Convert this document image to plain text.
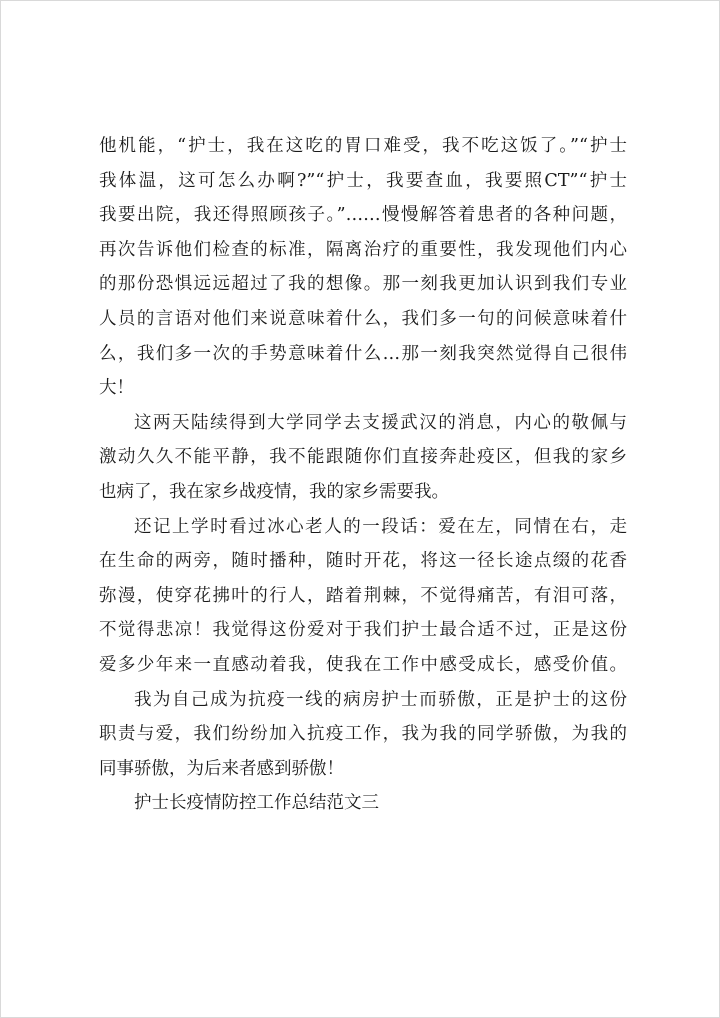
他机能，“护士，我在这吃的胃口难受，我不吃这饭了。”“护士
我体温，这可怎么办啊?”“护士，我要查血，我要照CT”“护士
我要出院，我还得照顾孩子。”……慢慢解答着患者的各种问题，
再次告诉他们检查的标准，隔离治疗的重要性，我发现他们内心
的那份恐惧远远超过了我的想像。那一刻我更加认识到我们专业
人员的言语对他们来说意味着什么，我们多一句的问候意味着什
么，我们多一次的手势意味着什么…那一刻我突然觉得自己很伟
大！
这两天陆续得到大学同学去支援武汉的消息，内心的敬佩与
激动久久不能平静，我不能跟随你们直接奔赴疫区，但我的家乡
也病了，我在家乡战疫情，我的家乡需要我。
还记上学时看过冰心老人的一段话：爱在左，同情在右，走
在生命的两旁，随时播种，随时开花，将这一径长途点缀的花香
弥漫，使穿花拂叶的行人，踏着荆棘，不觉得痛苦，有泪可落，
不觉得悲凉！我觉得这份爱对于我们护士最合适不过，正是这份
爱多少年来一直感动着我，使我在工作中感受成长，感受价值。
我为自己成为抗疫一线的病房护士而骄傲，正是护士的这份
职责与爱，我们纷纷加入抗疫工作，我为我的同学骄傲，为我的
同事骄傲，为后来者感到骄傲！
护士长疫情防控工作总结范文三
